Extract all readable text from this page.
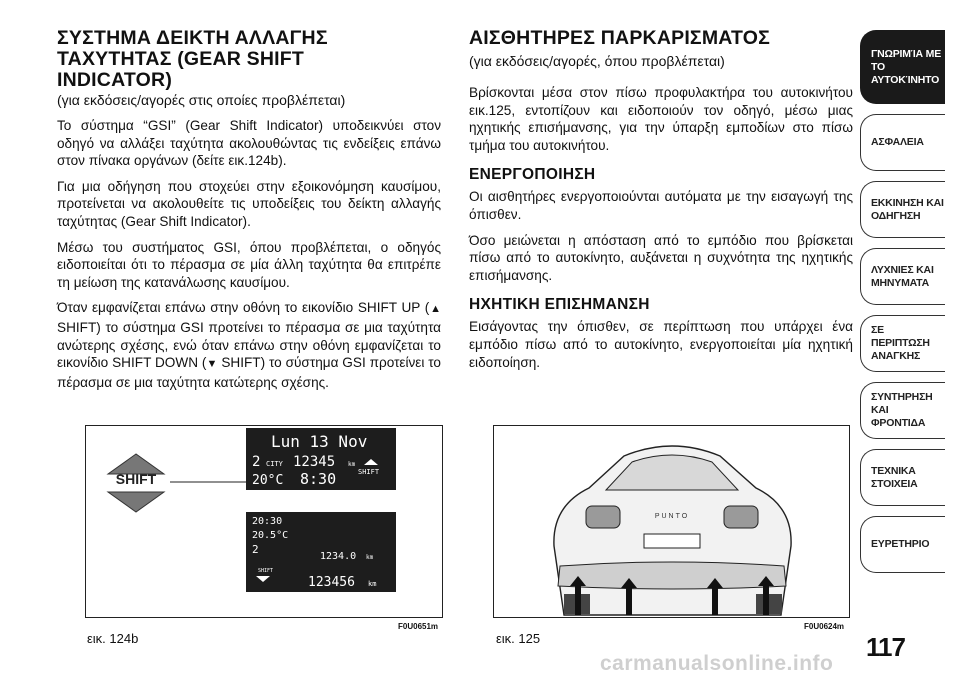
ΣΥΣΤΗΜΑ ΔΕΙΚΤΗ ΑΛΛΑΓΗΣ
ΤΑΧΥΤΗΤΑΣ (GEAR SHIFT
INDICATOR)
(για εκδόσεις/αγορές στις οποίες προβλέπεται)

Το σύστημα “GSI” (Gear Shift Indicator) υποδεικνύει στον οδηγό να αλλάξει ταχύτητα ακολουθώντας τις ενδείξεις επάνω στον πίνακα οργάνων (δείτε εικ.124b).

Για μια οδήγηση που στοχεύει στην εξοικονόμηση καυσίμου, προτείνεται να ακολουθείτε τις υποδείξεις του δείκτη αλλαγής ταχύτητας (Gear Shift Indicator).

Μέσω του συστήματος GSI, όπου προβλέπεται, ο οδηγός ειδοποιείται ότι το πέρασμα σε μία άλλη ταχύτητα θα επιτρέπε τη μείωση της κατανάλωσης καυσίμου.

Όταν εμφανίζεται επάνω στην οθόνη το εικονίδιο SHIFT UP (▲ SHIFT) το σύστημα GSI προτείνει το πέρασμα σε μια ταχύτητα ανώτερης σχέσης, ενώ όταν επάνω στην οθόνη εμφανίζεται το εικονίδιο SHIFT DOWN (▼ SHIFT) το σύστημα GSI προτείνει το πέρασμα σε μια ταχύτητα κατώτερης σχέσης.

ΑΙΣΘΗΤΗΡΕΣ ΠΑΡΚΑΡΙΣΜΑΤΟΣ
(για εκδόσεις/αγορές, όπου προβλέπεται)

Βρίσκονται μέσα στον πίσω προφυλακτήρα του αυτοκινήτου εικ.125, εντοπίζουν και ειδοποιούν τον οδηγό, μέσω μιας ηχητικής επισήμανσης, για την ύπαρξη εμποδίων στο πίσω τμήμα του αυτοκινήτου.

ΕΝΕΡΓΟΠΟΙΗΣΗ

Οι αισθητήρες ενεργοποιούνται αυτόματα με την εισαγωγή της όπισθεν.

Όσο μειώνεται η απόσταση από το εμπόδιο που βρίσκεται πίσω από το αυτοκίνητο, αυξάνεται η συχνότητα της ηχητικής επισήμανσης.

ΗΧΗΤΙΚΗ ΕΠΙΣΗΜΑΝΣΗ

Εισάγοντας την όπισθεν, σε περίπτωση που υπάρχει ένα εμπόδιο πίσω από το αυτοκίνητο, ενεργοποιείται μία ηχητική ειδοποίηση.

SHIFT
Lun 13 Nov
2 CITY 12345 km
20°C 8:30	SHIFT
20:30
20.5°C
2
1234.0 km
SHIFT
123456 km
εικ. 124b
F0U0651m
PUNTO
εικ. 125
F0U0624m
ΓΝΩΡΙΜΊΑ ΜΕ ΤΟ ΑΥΤΟΚΊΝΗΤΟ
ΑΣΦΑΛΕΙΑ
ΕΚΚΙΝΗΣΗ ΚΑΙ ΟΔΗΓΗΣΗ
ΛΥΧΝΙΕΣ ΚΑΙ ΜΗΝΥΜΑΤΑ
ΣΕ ΠΕΡΙΠΤΩΣΗ ΑΝΑΓΚΗΣ
ΣΥΝΤΗΡΗΣΗ ΚΑΙ ΦΡΟΝΤΙΔΑ
ΤΕΧΝΙΚΑ ΣΤΟΙΧΕΙΑ
ΕΥΡΕΤΗΡΙΟ
117
carmanualsonline.info
